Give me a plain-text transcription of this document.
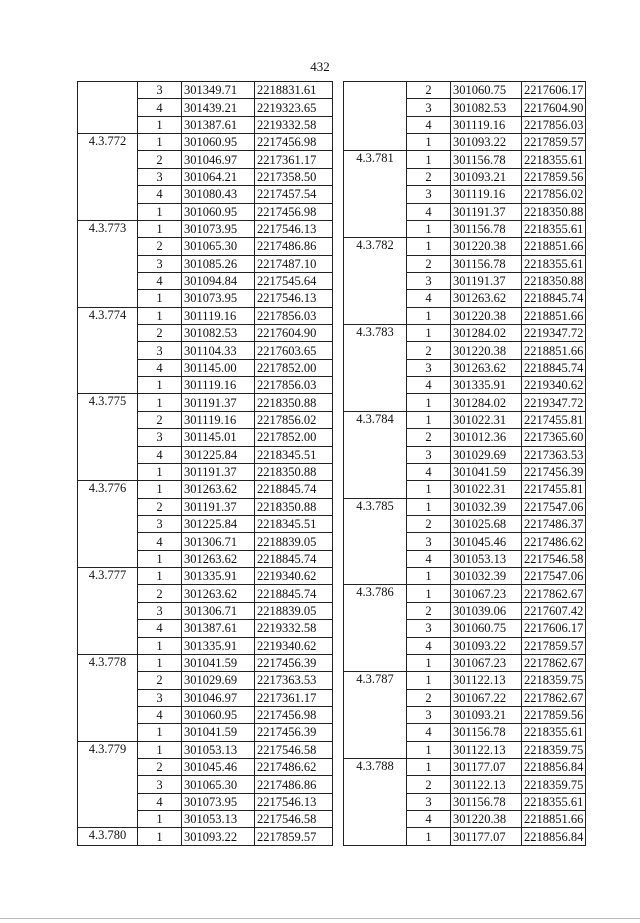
432
	3	301349.71	2218831.61
	4	301439.21	2219323.65
	1	301387.61	2219332.58
4.3.772	1	301060.95	2217456.98
	2	301046.97	2217361.17
	3	301064.21	2217358.50
	4	301080.43	2217457.54
	1	301060.95	2217456.98
4.3.773	1	301073.95	2217546.13
	2	301065.30	2217486.86
	3	301085.26	2217487.10
	4	301094.84	2217545.64
	1	301073.95	2217546.13
4.3.774	1	301119.16	2217856.03
	2	301082.53	2217604.90
	3	301104.33	2217603.65
	4	301145.00	2217852.00
	1	301119.16	2217856.03
4.3.775	1	301191.37	2218350.88
	2	301119.16	2217856.02
	3	301145.01	2217852.00
	4	301225.84	2218345.51
	1	301191.37	2218350.88
4.3.776	1	301263.62	2218845.74
	2	301191.37	2218350.88
	3	301225.84	2218345.51
	4	301306.71	2218839.05
	1	301263.62	2218845.74
4.3.777	1	301335.91	2219340.62
	2	301263.62	2218845.74
	3	301306.71	2218839.05
	4	301387.61	2219332.58
	1	301335.91	2219340.62
4.3.778	1	301041.59	2217456.39
	2	301029.69	2217363.53
	3	301046.97	2217361.17
	4	301060.95	2217456.98
	1	301041.59	2217456.39
4.3.779	1	301053.13	2217546.58
	2	301045.46	2217486.62
	3	301065.30	2217486.86
	4	301073.95	2217546.13
	1	301053.13	2217546.58
4.3.780	1	301093.22	2217859.57
	2	301060.75	2217606.17
	3	301082.53	2217604.90
	4	301119.16	2217856.03
	1	301093.22	2217859.57
4.3.781	1	301156.78	2218355.61
	2	301093.21	2217859.56
	3	301119.16	2217856.02
	4	301191.37	2218350.88
	1	301156.78	2218355.61
4.3.782	1	301220.38	2218851.66
	2	301156.78	2218355.61
	3	301191.37	2218350.88
	4	301263.62	2218845.74
	1	301220.38	2218851.66
4.3.783	1	301284.02	2219347.72
	2	301220.38	2218851.66
	3	301263.62	2218845.74
	4	301335.91	2219340.62
	1	301284.02	2219347.72
4.3.784	1	301022.31	2217455.81
	2	301012.36	2217365.60
	3	301029.69	2217363.53
	4	301041.59	2217456.39
	1	301022.31	2217455.81
4.3.785	1	301032.39	2217547.06
	2	301025.68	2217486.37
	3	301045.46	2217486.62
	4	301053.13	2217546.58
	1	301032.39	2217547.06
4.3.786	1	301067.23	2217862.67
	2	301039.06	2217607.42
	3	301060.75	2217606.17
	4	301093.22	2217859.57
	1	301067.23	2217862.67
4.3.787	1	301122.13	2218359.75
	2	301067.22	2217862.67
	3	301093.21	2217859.56
	4	301156.78	2218355.61
	1	301122.13	2218359.75
4.3.788	1	301177.07	2218856.84
	2	301122.13	2218359.75
	3	301156.78	2218355.61
	4	301220.38	2218851.66
	1	301177.07	2218856.84
